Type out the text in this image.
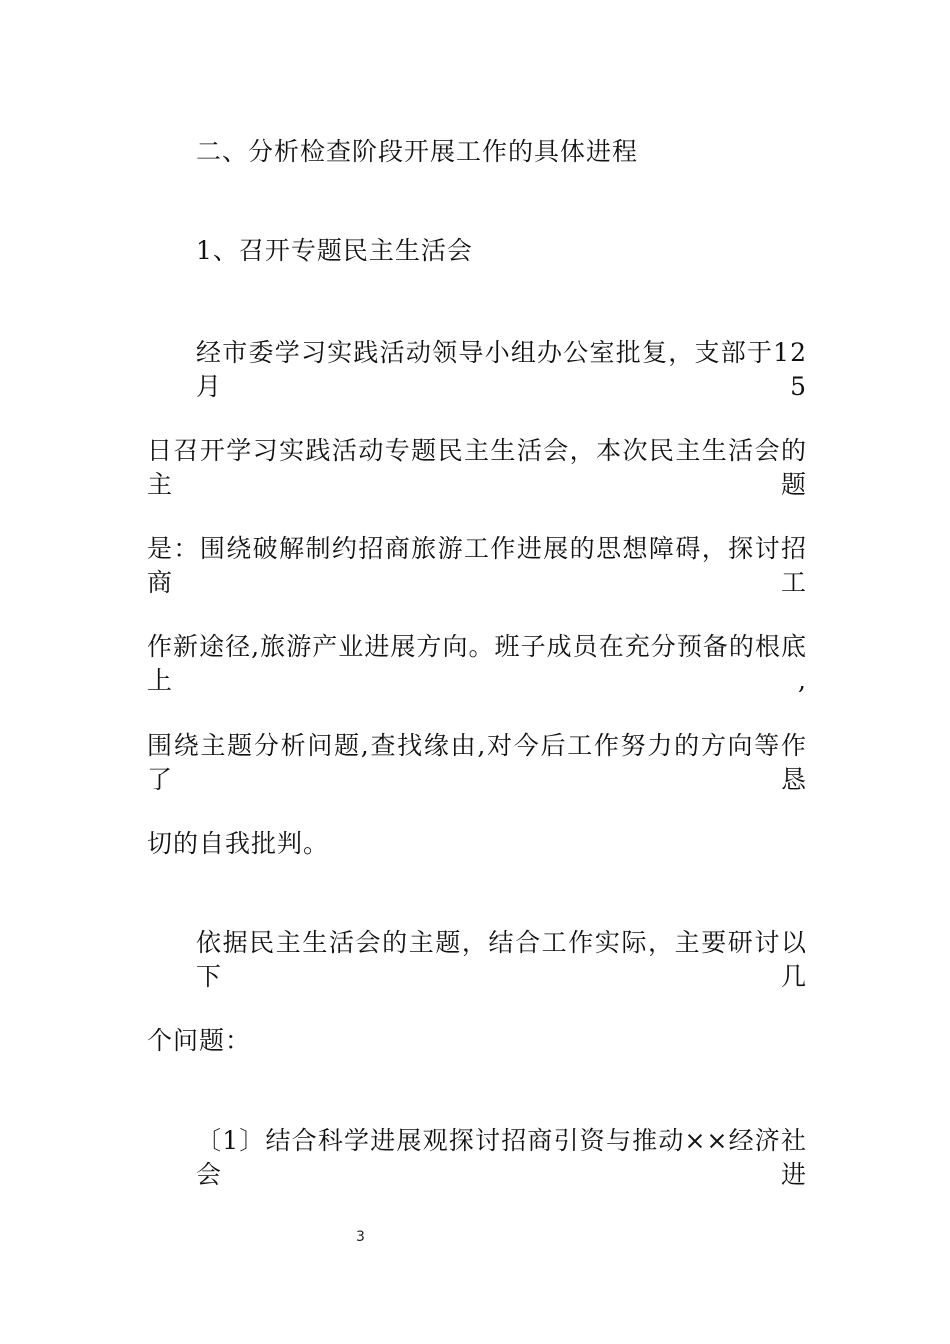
二、分析检查阶段开展工作的具体进程
1、召开专题民主生活会
经市委学习实践活动领导小组办公室批复，支部于12月5
日召开学习实践活动专题民主生活会，本次民主生活会的主题
是：围绕破解制约招商旅游工作进展的思想障碍，探讨招商工
作新途径,旅游产业进展方向。班子成员在充分预备的根底上,
围绕主题分析问题,查找缘由,对今后工作努力的方向等作了恳
切的自我批判。
依据民主生活会的主题，结合工作实际，主要研讨以下几
个问题：
〔1〕结合科学进展观探讨招商引资与推动××经济社会进
3
